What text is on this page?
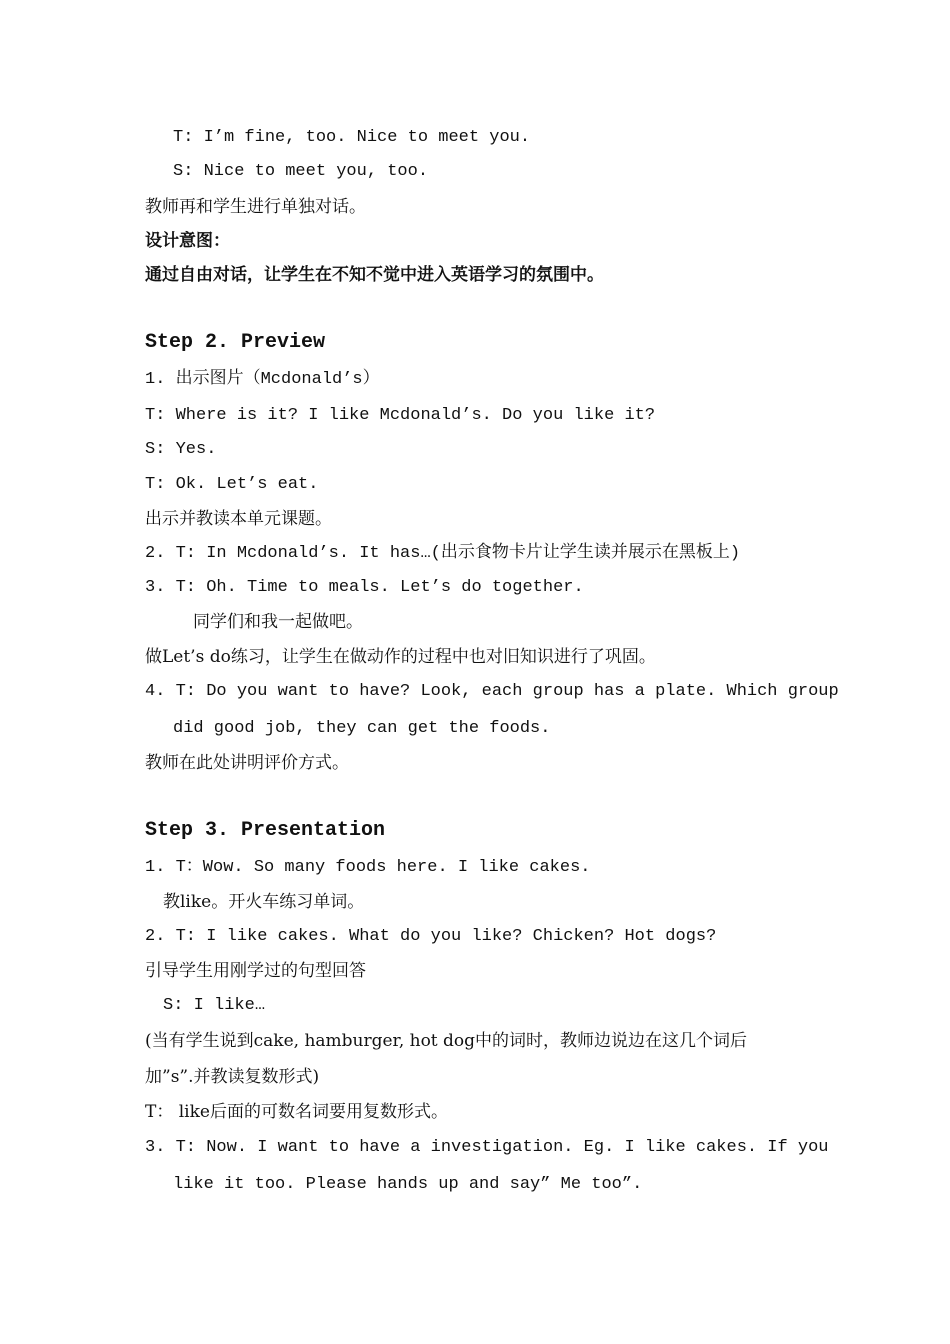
T: I’m fine, too. Nice to meet you.
S: Nice to meet you, too.
教师再和学生进行单独对话。
设计意图：
通过自由对话，让学生在不知不觉中进入英语学习的氛围中。
Step 2. Preview
1. 出示图片（Mcdonald’s）
T: Where is it? I like Mcdonald’s. Do you like it?
S: Yes.
T: Ok. Let’s eat.
出示并教读本单元课题。
2. T: In Mcdonald’s. It has…(出示食物卡片让学生读并展示在黑板上)
3. T: Oh. Time to meals. Let’s do together.
同学们和我一起做吧。
做Let’s do练习，让学生在做动作的过程中也对旧知识进行了巩固。
4. T: Do you want to have? Look, each group has a plate. Which group
did good job, they can get the foods.
教师在此处讲明评价方式。
Step 3. Presentation
1. T：Wow. So many foods here. I like cakes.
教like。开火车练习单词。
2. T: I like cakes. What do you like? Chicken? Hot dogs?
引导学生用刚学过的句型回答
S: I like…
(当有学生说到cake, hamburger, hot dog中的词时，教师边说边在这几个词后
加”s”.并教读复数形式)
T： like后面的可数名词要用复数形式。
3. T: Now. I want to have a investigation. Eg. I like cakes. If you
like it too. Please hands up and say” Me too”.
